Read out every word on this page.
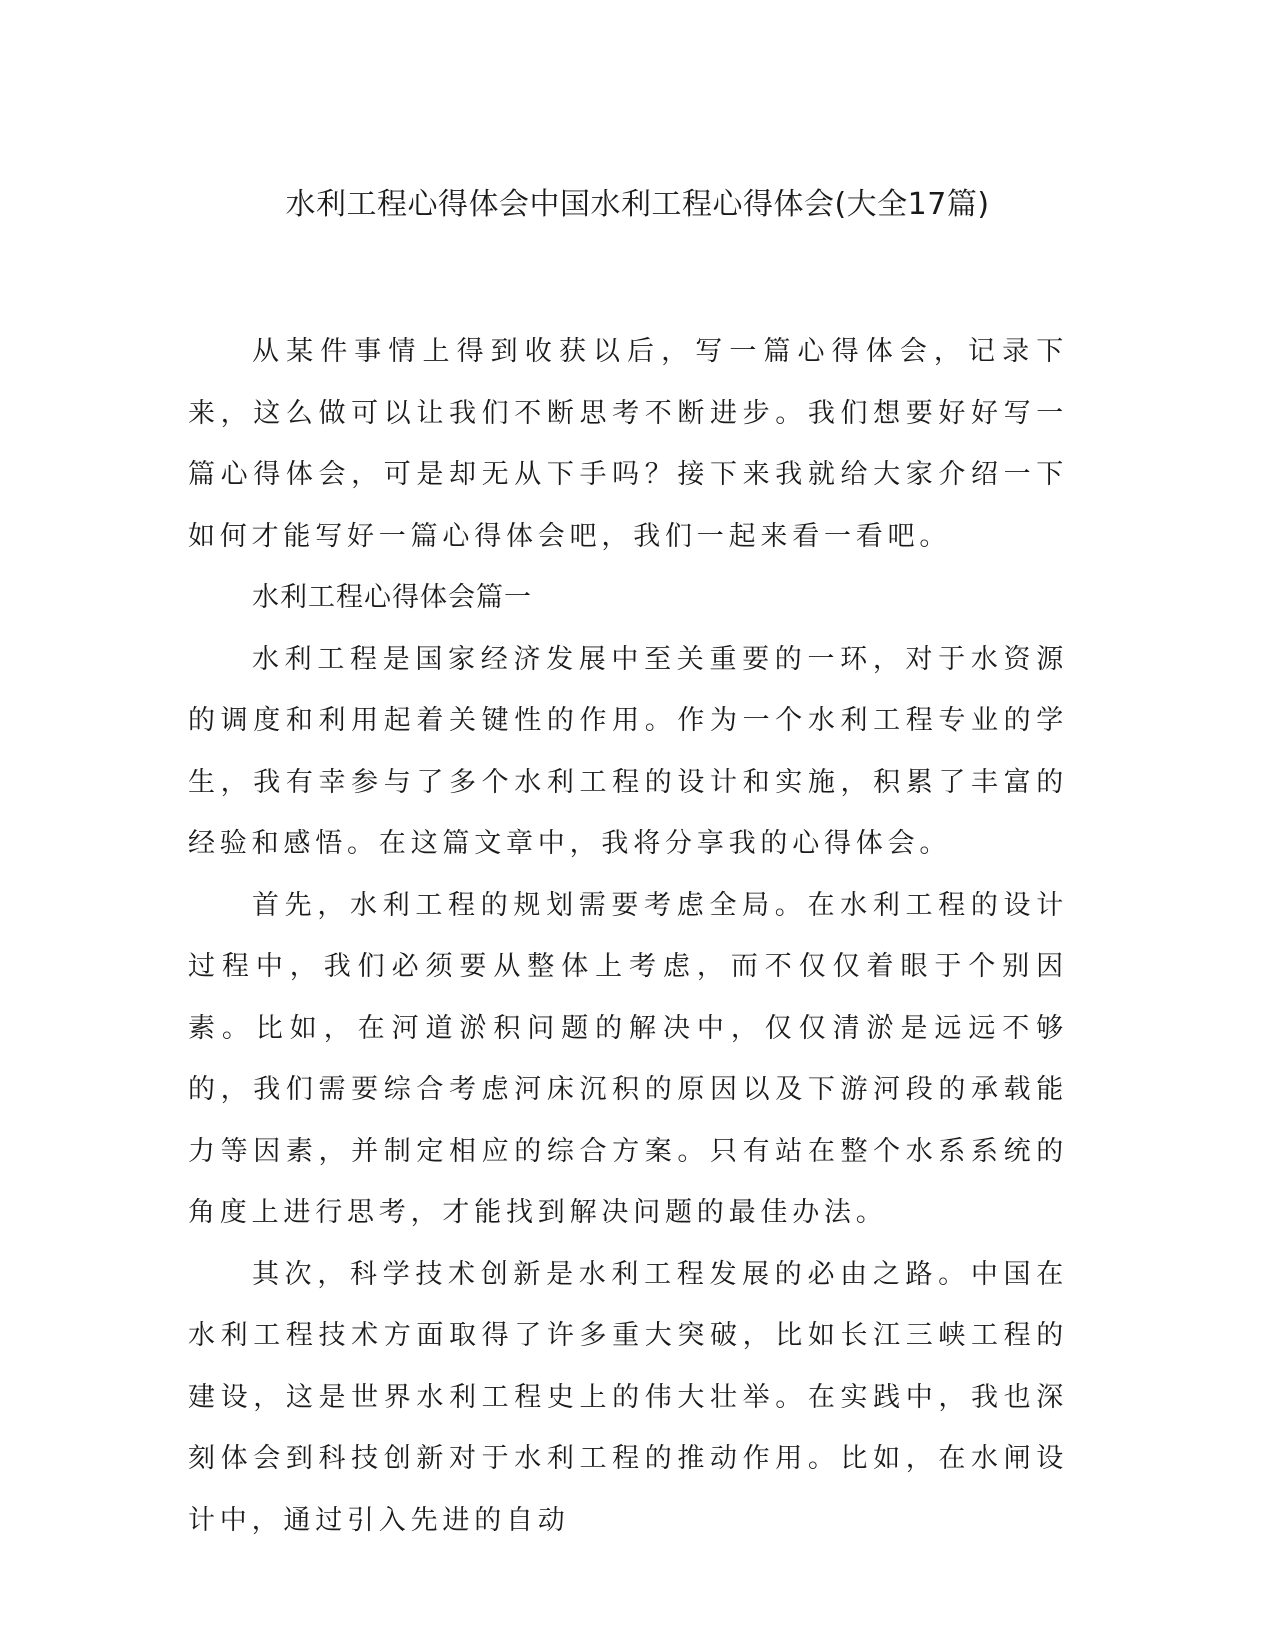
水利工程心得体会中国水利工程心得体会(大全17篇)

从某件事情上得到收获以后，写一篇心得体会，记录下来，这么做可以让我们不断思考不断进步。我们想要好好写一篇心得体会，可是却无从下手吗？接下来我就给大家介绍一下如何才能写好一篇心得体会吧，我们一起来看一看吧。

水利工程心得体会篇一

水利工程是国家经济发展中至关重要的一环，对于水资源的调度和利用起着关键性的作用。作为一个水利工程专业的学生，我有幸参与了多个水利工程的设计和实施，积累了丰富的经验和感悟。在这篇文章中，我将分享我的心得体会。

首先，水利工程的规划需要考虑全局。在水利工程的设计过程中，我们必须要从整体上考虑，而不仅仅着眼于个别因素。比如，在河道淤积问题的解决中，仅仅清淤是远远不够的，我们需要综合考虑河床沉积的原因以及下游河段的承载能力等因素，并制定相应的综合方案。只有站在整个水系系统的角度上进行思考，才能找到解决问题的最佳办法。

其次，科学技术创新是水利工程发展的必由之路。中国在水利工程技术方面取得了许多重大突破，比如长江三峡工程的建设，这是世界水利工程史上的伟大壮举。在实践中，我也深刻体会到科技创新对于水利工程的推动作用。比如，在水闸设计中，通过引入先进的自动
